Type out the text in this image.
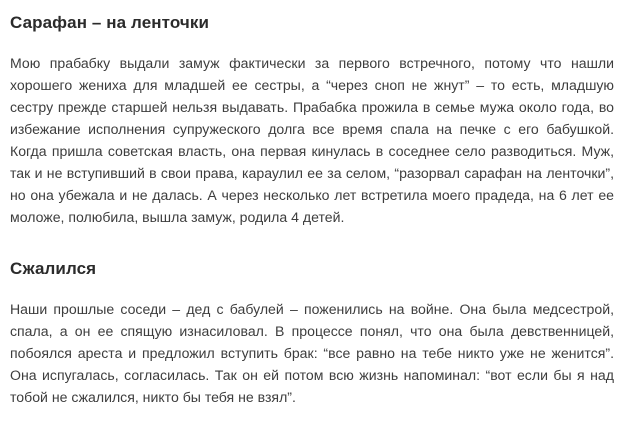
Сарафан – на ленточки

Мою прабабку выдали замуж фактически за первого встречного, потому что нашли хорошего жениха для младшей ее сестры, а “через сноп не жнут” – то есть, младшую сестру прежде старшей нельзя выдавать. Прабабка прожила в семье мужа около года, во избежание исполнения супружеского долга все время спала на печке с его бабушкой. Когда пришла советская власть, она первая кинулась в соседнее село разводиться. Муж, так и не вступивший в свои права, караулил ее за селом, “разорвал сарафан на ленточки”, но она убежала и не далась. А через несколько лет встретила моего прадеда, на 6 лет ее моложе, полюбила, вышла замуж, родила 4 детей.

Сжалился

Наши прошлые соседи – дед с бабулей – поженились на войне. Она была медсестрой, спала, а он ее спящую изнасиловал. В процессе понял, что она была девственницей, побоялся ареста и предложил вступить брак: “все равно на тебе никто уже не женится”. Она испугалась, согласилась. Так он ей потом всю жизнь напоминал: “вот если бы я над тобой не сжалился, никто бы тебя не взял”.
